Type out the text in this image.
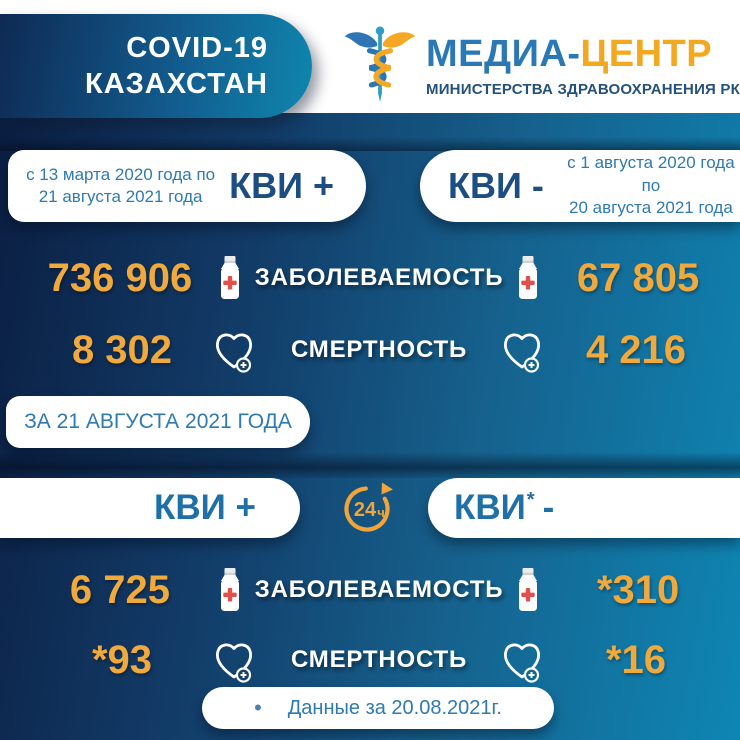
COVID-19
КАЗАХСТАН
МЕДИА-ЦЕНТР
МИНИСТЕРСТВА ЗДРАВООХРАНЕНИЯ РК
с 13 марта 2020 года по
21 августа 2021 года КВИ +	КВИ -
с 1 августа 2020 года по
20 августа 2021 года
736 906	ЗАБОЛЕВАЕМОСТЬ	67 805
8 302	СМЕРТНОСТЬ	4 216
ЗА 21 АВГУСТА 2021 ГОДА
КВИ +	24 ч КВИ* -
6 725	ЗАБОЛЕВАЕМОСТЬ	*310
*93	СМЕРТНОСТЬ	*16
• Данные за 20.08.2021г.
